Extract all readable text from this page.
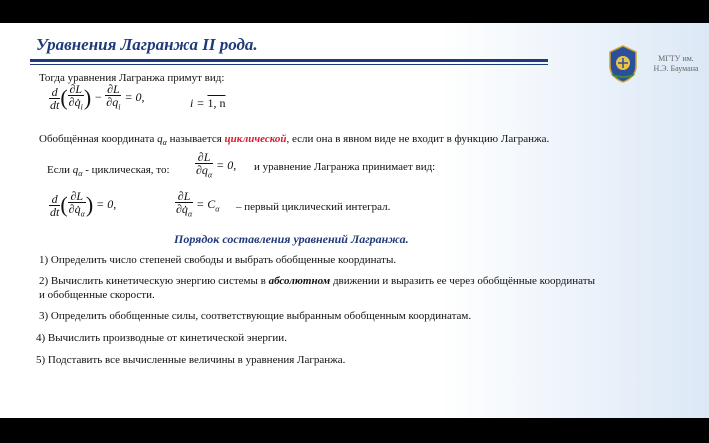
Уравнения Лагранжа II рода.
МГТУ им.
Н.Э. Баумана
Тогда уравнения Лагранжа примут вид:
$\frac{d}{dt}$ ( $\frac{\partial L}{\partial q̇_i}$ ) − $\frac{\partial L}{\partial q_i} = 0$,	i = 1, n
Обобщённая координата $q_\alpha$ называется циклической, если она в явном виде не входит в функцию Лагранжа.
Если $q_\alpha$ - циклическая, то: $\frac{\partial L}{\partial q_\alpha} = 0$, и уравнение Лагранжа принимает вид:
$\frac{d}{dt}$ ( $\frac{\partial L}{\partial q̇_\alpha}$ ) = 0,	$\frac{\partial L}{\partial q̇_\alpha} = C_\alpha$ – первый циклический интеграл.
Порядок составления уравнений Лагранжа.
1) Определить число степеней свободы и выбрать обобщенные координаты.
2) Вычислить кинетическую энергию системы в абсолютном движении и выразить ее через обобщённые координаты
и обобщенные скорости.
3) Определить обобщенные силы, соответствующие выбранным обобщенным координатам.
4) Вычислить производные от кинетической энергии.
5) Подставить все вычисленные величины в уравнения Лагранжа.
